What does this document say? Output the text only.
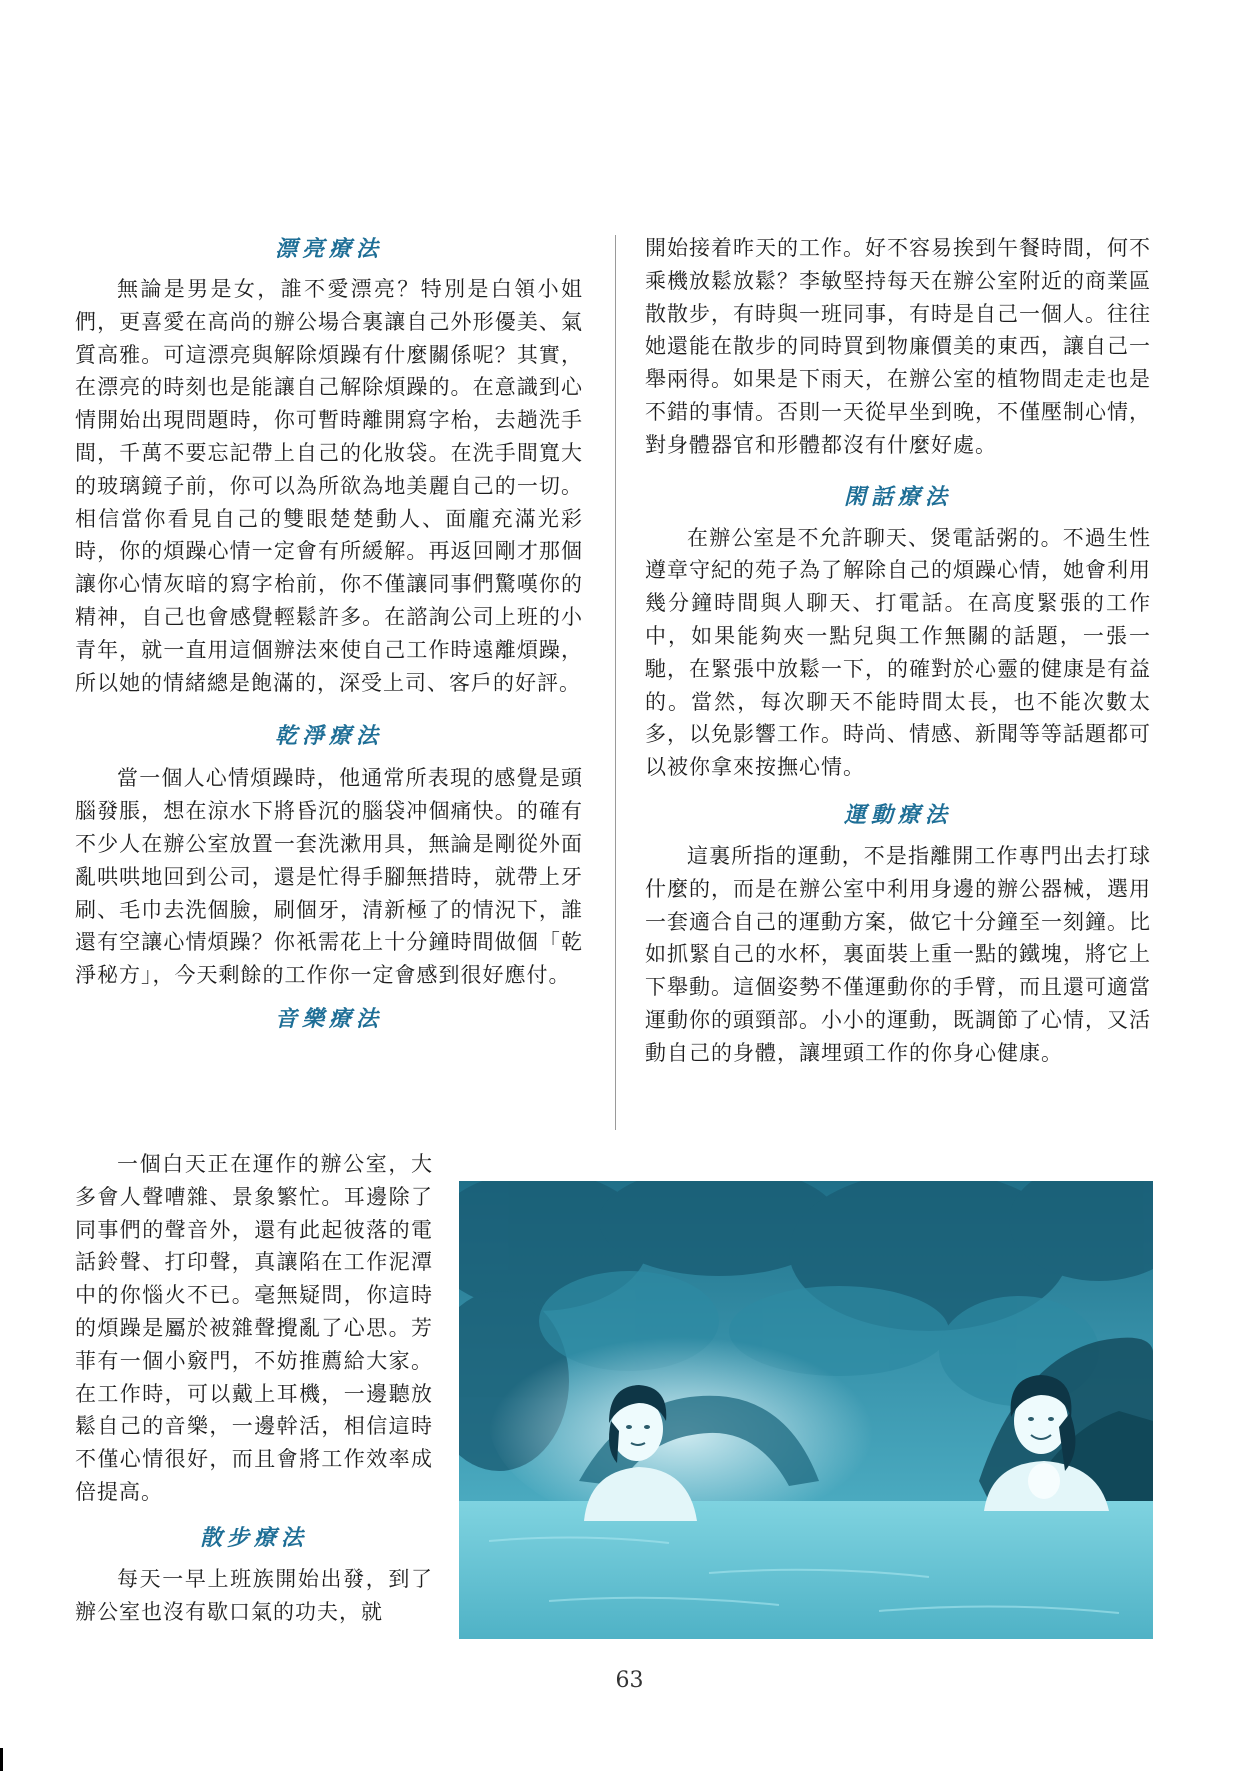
漂亮療法

無論是男是女，誰不愛漂亮？特別是白領小姐們，更喜愛在高尚的辦公場合裏讓自己外形優美、氣質高雅。可這漂亮與解除煩躁有什麼關係呢？其實，在漂亮的時刻也是能讓自己解除煩躁的。在意識到心情開始出現問題時，你可暫時離開寫字枱，去趟洗手間，千萬不要忘記帶上自己的化妝袋。在洗手間寬大的玻璃鏡子前，你可以為所欲為地美麗自己的一切。相信當你看見自己的雙眼楚楚動人、面龐充滿光彩時，你的煩躁心情一定會有所緩解。再返回剛才那個讓你心情灰暗的寫字枱前，你不僅讓同事們驚嘆你的精神，自己也會感覺輕鬆許多。在諮詢公司上班的小青年，就一直用這個辦法來使自己工作時遠離煩躁，所以她的情緒總是飽滿的，深受上司、客戶的好評。

乾淨療法

當一個人心情煩躁時，他通常所表現的感覺是頭腦發脹，想在涼水下將昏沉的腦袋冲個痛快。的確有不少人在辦公室放置一套洗漱用具，無論是剛從外面亂哄哄地回到公司，還是忙得手腳無措時，就帶上牙刷、毛巾去洗個臉，刷個牙，清新極了的情況下，誰還有空讓心情煩躁？你衹需花上十分鐘時間做個「乾淨秘方」，今天剩餘的工作你一定會感到很好應付。

音樂療法

一個白天正在運作的辦公室，大多會人聲嘈雜、景象繁忙。耳邊除了同事們的聲音外，還有此起彼落的電話鈴聲、打印聲，真讓陷在工作泥潭中的你惱火不已。毫無疑問，你這時的煩躁是屬於被雜聲攪亂了心思。芳菲有一個小竅門，不妨推薦給大家。在工作時，可以戴上耳機，一邊聽放鬆自己的音樂，一邊幹活，相信這時不僅心情很好，而且會將工作效率成倍提高。

散步療法

每天一早上班族開始出發，到了辦公室也沒有歇口氣的功夫，就

開始接着昨天的工作。好不容易挨到午餐時間，何不乘機放鬆放鬆？李敏堅持每天在辦公室附近的商業區散散步，有時與一班同事，有時是自己一個人。往往她還能在散步的同時買到物廉價美的東西，讓自己一舉兩得。如果是下雨天，在辦公室的植物間走走也是不錯的事情。否則一天從早坐到晚，不僅壓制心情，對身體器官和形體都沒有什麼好處。

閑話療法

在辦公室是不允許聊天、煲電話粥的。不過生性遵章守紀的苑子為了解除自己的煩躁心情，她會利用幾分鐘時間與人聊天、打電話。在高度緊張的工作中，如果能夠夾一點兒與工作無關的話題，一張一馳，在緊張中放鬆一下，的確對於心靈的健康是有益的。當然，每次聊天不能時間太長，也不能次數太多，以免影響工作。時尚、情感、新聞等等話題都可以被你拿來按撫心情。

運動療法

這裏所指的運動，不是指離開工作專門出去打球什麼的，而是在辦公室中利用身邊的辦公器械，選用一套適合自己的運動方案，做它十分鐘至一刻鐘。比如抓緊自己的水杯，裏面裝上重一點的鐵塊，將它上下舉動。這個姿勢不僅運動你的手臂，而且還可適當運動你的頭頸部。小小的運動，既調節了心情，又活動自己的身體，讓埋頭工作的你身心健康。

63
